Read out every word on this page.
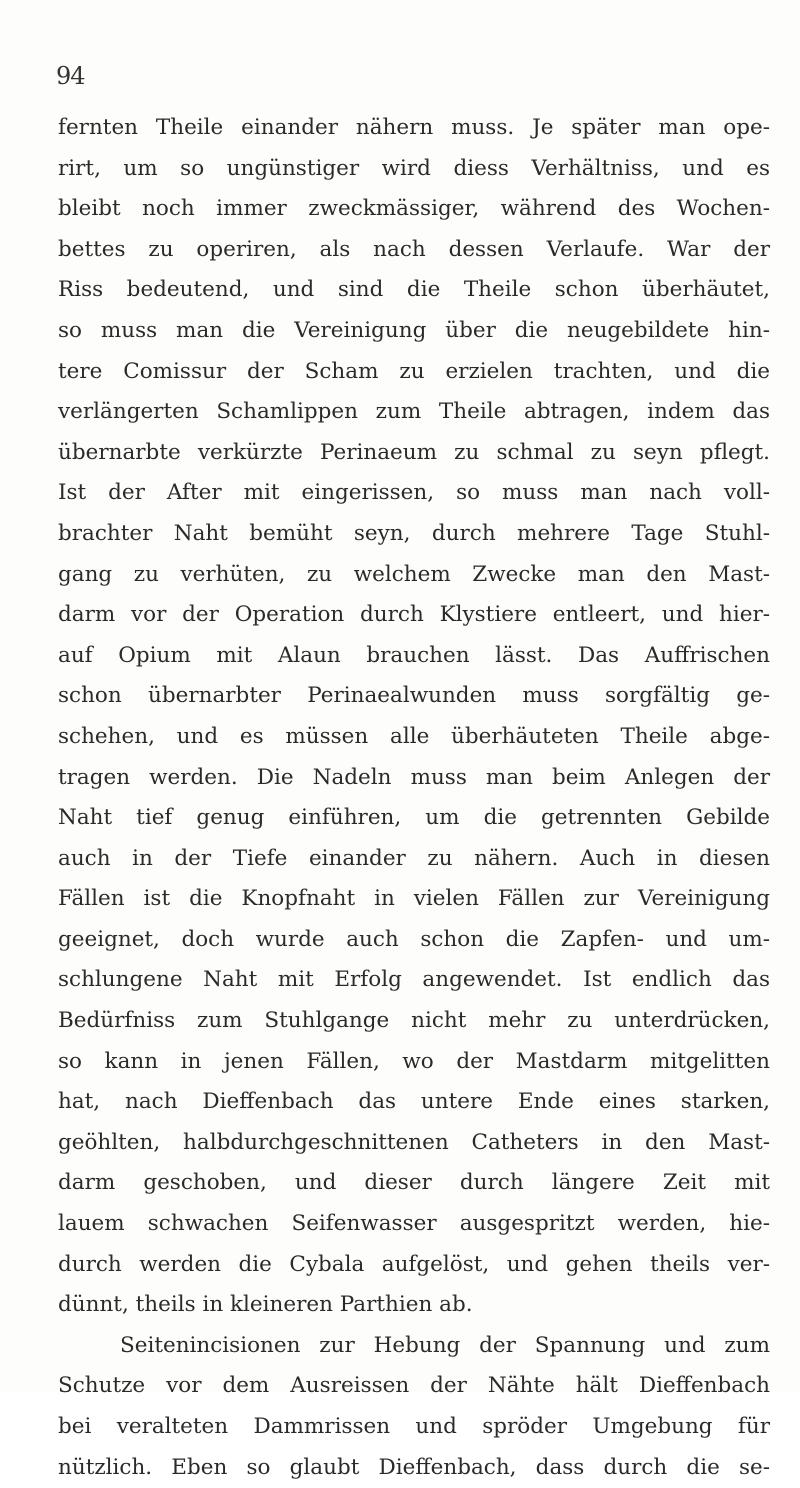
94
fernten Theile einander nähern muss. Je später man ope-
rirt, um so ungünstiger wird diess Verhältniss, und es
bleibt noch immer zweckmässiger, während des Wochen-
bettes zu operiren, als nach dessen Verlaufe. War der
Riss bedeutend, und sind die Theile schon überhäutet,
so muss man die Vereinigung über die neugebildete hin-
tere Comissur der Scham zu erzielen trachten, und die
verlängerten Schamlippen zum Theile abtragen, indem das
übernarbte verkürzte Perinaeum zu schmal zu seyn pflegt.
Ist der After mit eingerissen, so muss man nach voll-
brachter Naht bemüht seyn, durch mehrere Tage Stuhl-
gang zu verhüten, zu welchem Zwecke man den Mast-
darm vor der Operation durch Klystiere entleert, und hier-
auf Opium mit Alaun brauchen lässt. Das Auffrischen
schon übernarbter Perinaealwunden muss sorgfältig ge-
schehen, und es müssen alle überhäuteten Theile abge-
tragen werden. Die Nadeln muss man beim Anlegen der
Naht tief genug einführen, um die getrennten Gebilde
auch in der Tiefe einander zu nähern. Auch in diesen
Fällen ist die Knopfnaht in vielen Fällen zur Vereinigung
geeignet, doch wurde auch schon die Zapfen- und um-
schlungene Naht mit Erfolg angewendet. Ist endlich das
Bedürfniss zum Stuhlgange nicht mehr zu unterdrücken,
so kann in jenen Fällen, wo der Mastdarm mitgelitten
hat, nach Dieffenbach das untere Ende eines starken,
geöhlten, halbdurchgeschnittenen Catheters in den Mast-
darm geschoben, und dieser durch längere Zeit mit
lauem schwachen Seifenwasser ausgespritzt werden, hie-
durch werden die Cybala aufgelöst, und gehen theils ver-
dünnt, theils in kleineren Parthien ab.
Seitenincisionen zur Hebung der Spannung und zum
Schutze vor dem Ausreissen der Nähte hält Dieffenbach
bei veralteten Dammrissen und spröder Umgebung für
nützlich. Eben so glaubt Dieffenbach, dass durch die se-
